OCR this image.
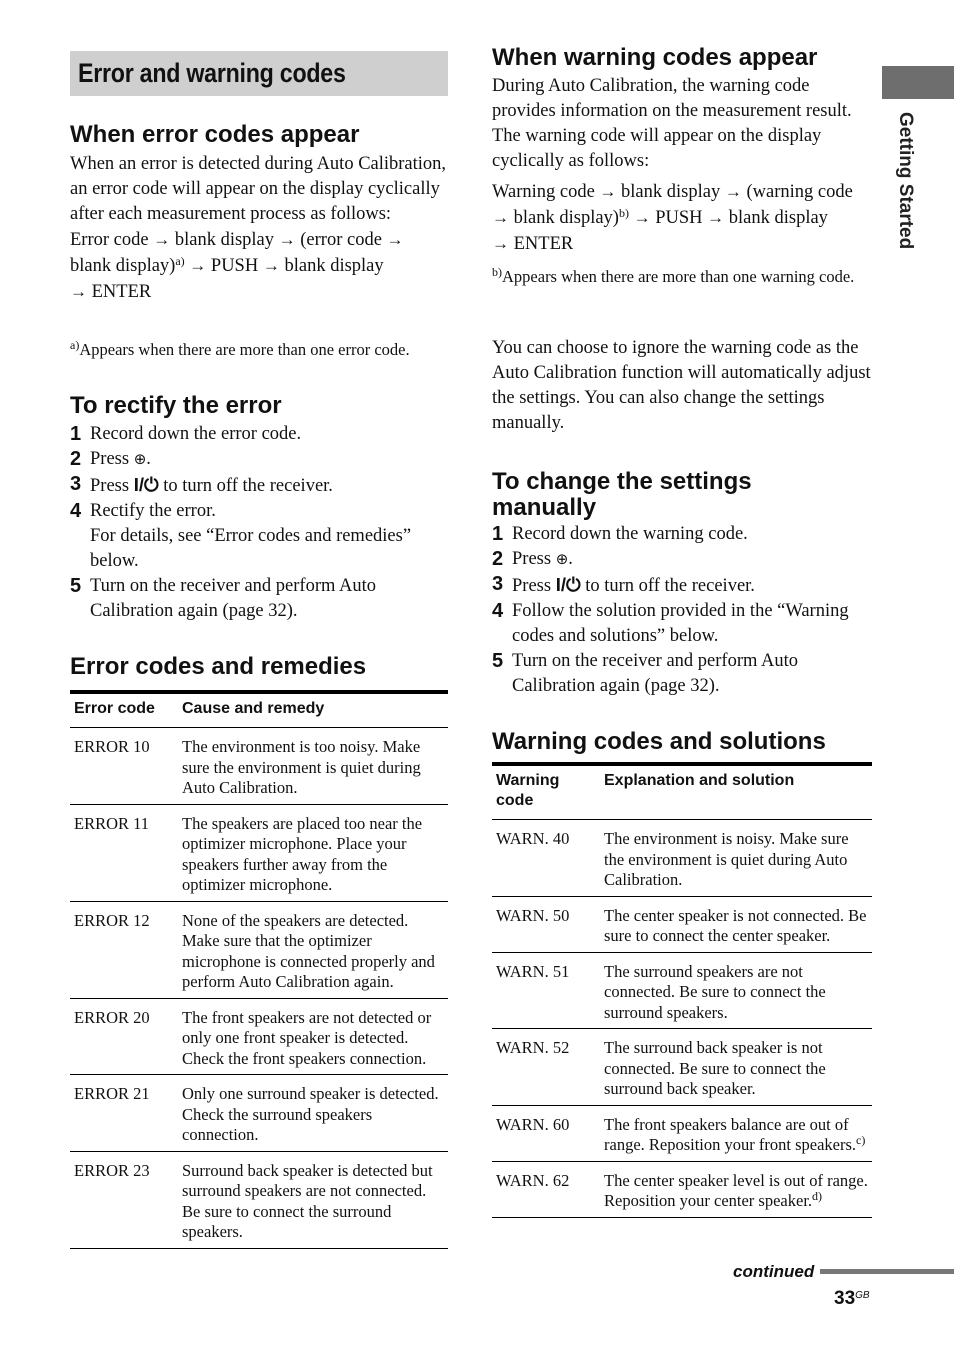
Error and warning codes
Getting Started
When error codes appear

When an error is detected during Auto Calibration, an error code will appear on the display cyclically after each measurement process as follows:
Error code → blank display → (error code → blank display)$^{a)}$ → PUSH → blank display
→ ENTER

$^{a)}$Appears when there are more than one error code.

To rectify the error
1 Record down the error code.
2 Press ⊕.
3 Press I/⏻ to turn off the receiver.
4 Rectify the error.
For details, see “Error codes and remedies” below.
5 Turn on the receiver and perform Auto Calibration again (page 32).
Error codes and remedies
Error code	Cause and remedy
ERROR 10	The environment is too noisy. Make sure the environment is quiet during Auto Calibration.
ERROR 11	The speakers are placed too near the optimizer microphone. Place your speakers further away from the optimizer microphone.
ERROR 12	None of the speakers are detected. Make sure that the optimizer microphone is connected properly and perform Auto Calibration again.
ERROR 20	The front speakers are not detected or only one front speaker is detected. Check the front speakers connection.
ERROR 21	Only one surround speaker is detected. Check the surround speakers connection.
ERROR 23	Surround back speaker is detected but surround speakers are not connected. Be sure to connect the surround speakers.
When warning codes appear

During Auto Calibration, the warning code provides information on the measurement result. The warning code will appear on the display cyclically as follows:

Warning code → blank display → (warning code → blank display)$^{b)}$ → PUSH → blank display
→ ENTER

$^{b)}$Appears when there are more than one warning code.

You can choose to ignore the warning code as the Auto Calibration function will automatically adjust the settings. You can also change the settings manually.

To change the settings manually
1 Record down the warning code.
2 Press ⊕.
3 Press I/⏻ to turn off the receiver.
4 Follow the solution provided in the “Warning codes and solutions” below.
5 Turn on the receiver and perform Auto Calibration again (page 32).
Warning codes and solutions
Warning code	Explanation and solution
WARN. 40	The environment is noisy. Make sure the environment is quiet during Auto Calibration.
WARN. 50	The center speaker is not connected. Be sure to connect the center speaker.
WARN. 51	The surround speakers are not connected. Be sure to connect the surround speakers.
WARN. 52	The surround back speaker is not connected. Be sure to connect the surround back speaker.
WARN. 60	The front speakers balance are out of range. Reposition your front speakers.$^{c)}$
WARN. 62	The center speaker level is out of range. Reposition your center speaker.$^{d)}$
continued
$33^{GB}$
